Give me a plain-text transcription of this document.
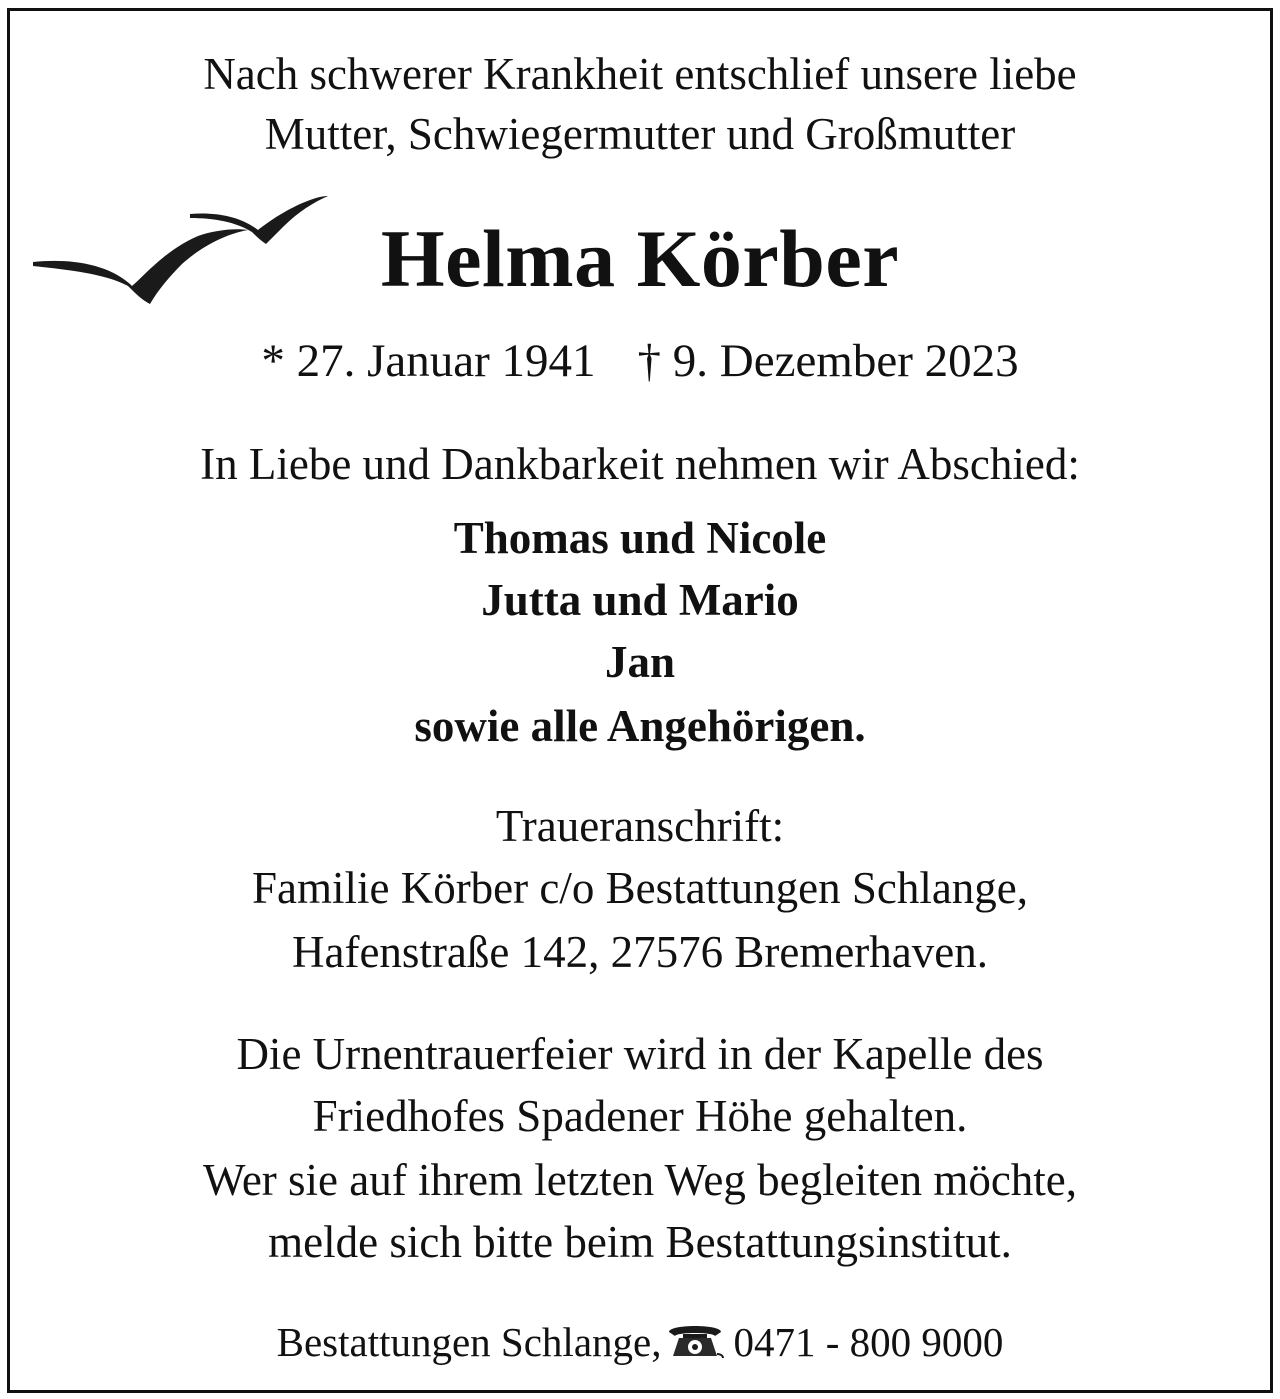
Nach schwerer Krankheit entschlief unsere liebe

Mutter, Schwiegermutter und Großmutter

Helma Körber

* 27. Januar 1941 † 9. Dezember 2023

In Liebe und Dankbarkeit nehmen wir Abschied:

Thomas und Nicole

Jutta und Mario

Jan

sowie alle Angehörigen.

Traueranschrift:

Familie Körber c/o Bestattungen Schlange,

Hafenstraße 142, 27576 Bremerhaven.

Die Urnentrauerfeier wird in der Kapelle des

Friedhofes Spadener Höhe gehalten.

Wer sie auf ihrem letzten Weg begleiten möchte,

melde sich bitte beim Bestattungsinstitut.

Bestattungen Schlange, 0471 - 800 9000
